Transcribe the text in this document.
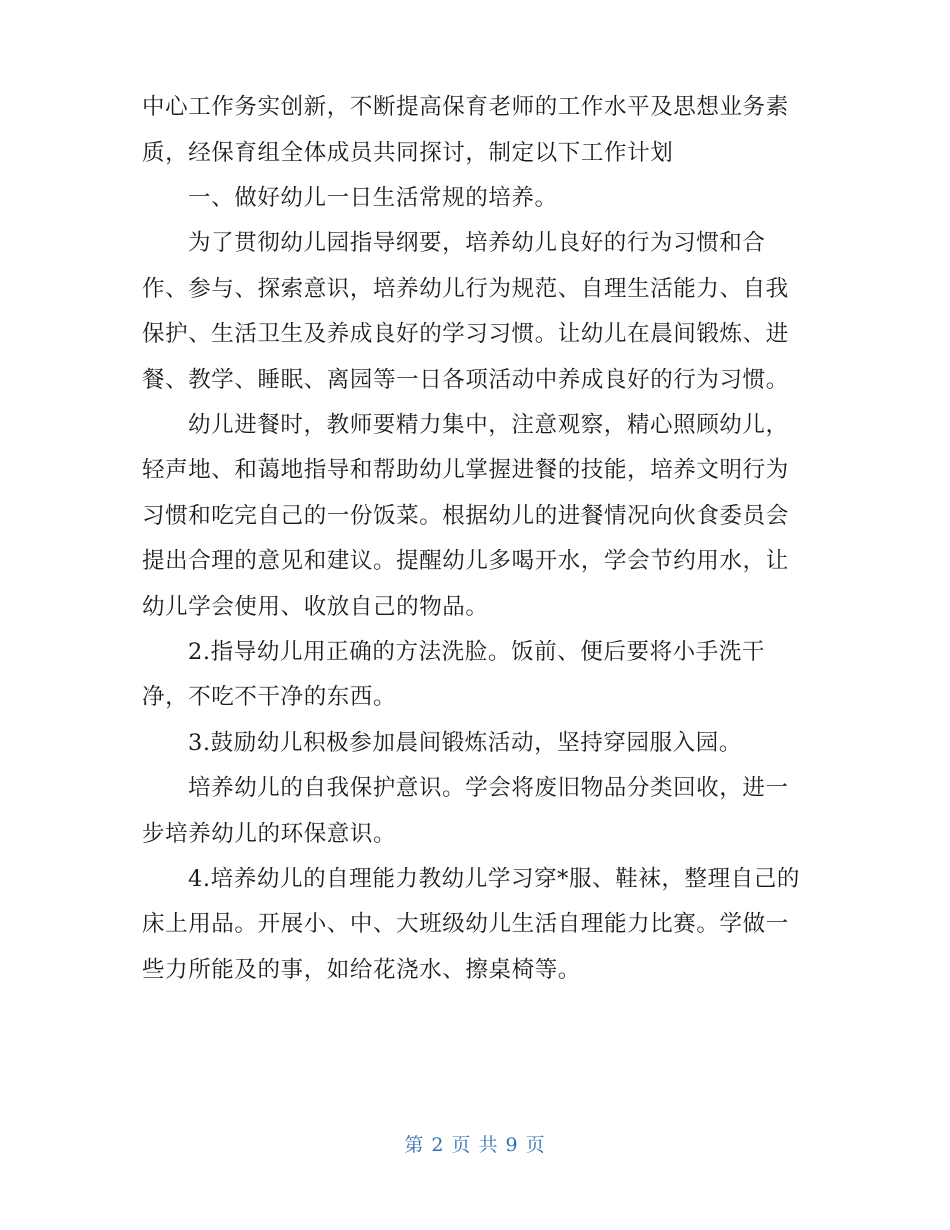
中心工作务实创新，不断提高保育老师的工作水平及思想业务素
质，经保育组全体成员共同探讨，制定以下工作计划
一、做好幼儿一日生活常规的培养。
为了贯彻幼儿园指导纲要，培养幼儿良好的行为习惯和合
作、参与、探索意识，培养幼儿行为规范、自理生活能力、自我
保护、生活卫生及养成良好的学习习惯。让幼儿在晨间锻炼、进
餐、教学、睡眠、离园等一日各项活动中养成良好的行为习惯。
幼儿进餐时，教师要精力集中，注意观察，精心照顾幼儿，
轻声地、和蔼地指导和帮助幼儿掌握进餐的技能，培养文明行为
习惯和吃完自己的一份饭菜。根据幼儿的进餐情况向伙食委员会
提出合理的意见和建议。提醒幼儿多喝开水，学会节约用水，让
幼儿学会使用、收放自己的物品。
2.指导幼儿用正确的方法洗脸。饭前、便后要将小手洗干
净，不吃不干净的东西。
3.鼓励幼儿积极参加晨间锻炼活动，坚持穿园服入园。
培养幼儿的自我保护意识。学会将废旧物品分类回收，进一
步培养幼儿的环保意识。
4.培养幼儿的自理能力教幼儿学习穿*服、鞋袜，整理自己的
床上用品。开展小、中、大班级幼儿生活自理能力比赛。学做一
些力所能及的事，如给花浇水、擦桌椅等。
第 2 页 共 9 页
